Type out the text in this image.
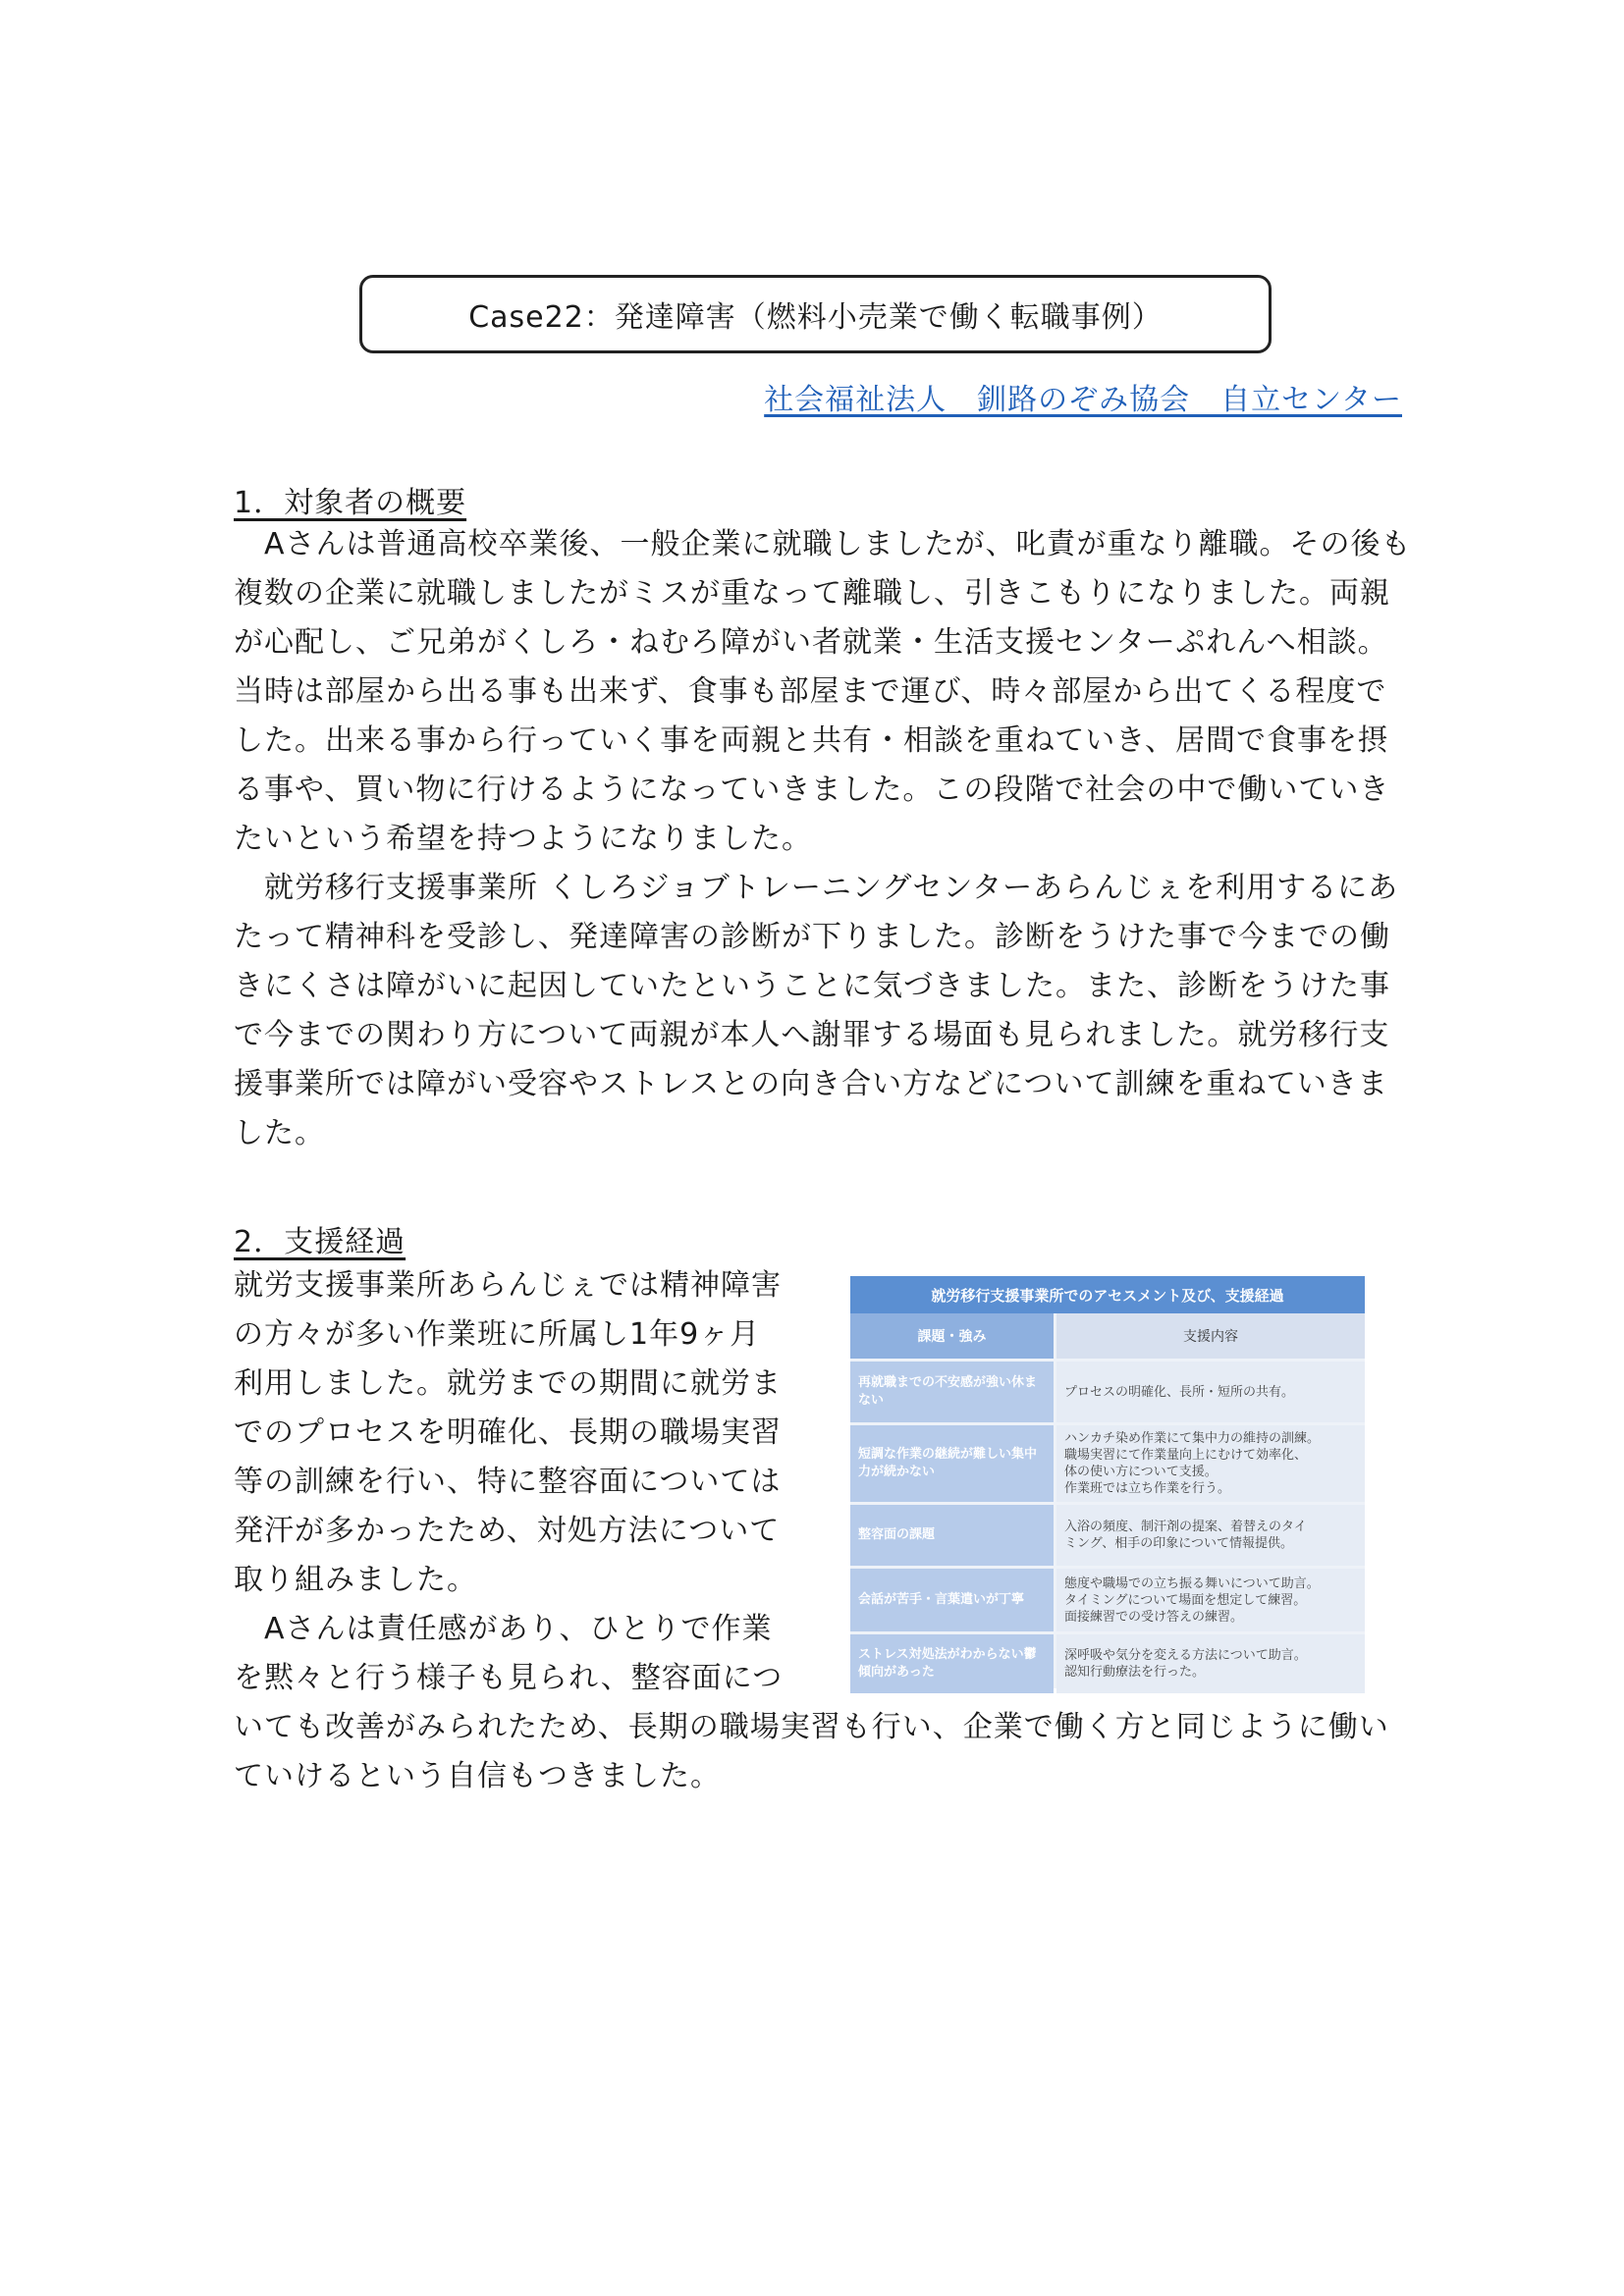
Case22：発達障害（燃料小売業で働く転職事例）
社会福祉法人　釧路のぞみ協会　自立センター
1．対象者の概要
　Aさんは普通高校卒業後、一般企業に就職しましたが、叱責が重なり離職。その後も
複数の企業に就職しましたがミスが重なって離職し、引きこもりになりました。両親
が心配し、ご兄弟がくしろ・ねむろ障がい者就業・生活支援センターぷれんへ相談。
当時は部屋から出る事も出来ず、食事も部屋まで運び、時々部屋から出てくる程度で
した。出来る事から行っていく事を両親と共有・相談を重ねていき、居間で食事を摂
る事や、買い物に行けるようになっていきました。この段階で社会の中で働いていき
たいという希望を持つようになりました。
　就労移行支援事業所 くしろジョブトレーニングセンターあらんじぇを利用するにあ
たって精神科を受診し、発達障害の診断が下りました。診断をうけた事で今までの働
きにくさは障がいに起因していたということに気づきました。また、診断をうけた事
で今までの関わり方について両親が本人へ謝罪する場面も見られました。就労移行支
援事業所では障がい受容やストレスとの向き合い方などについて訓練を重ねていきま
した。
2．支援経過
就労支援事業所あらんじぇでは精神障害
の方々が多い作業班に所属し1年9ヶ月
利用しました。就労までの期間に就労ま
でのプロセスを明確化、長期の職場実習
等の訓練を行い、特に整容面については
発汗が多かったため、対処方法について
取り組みました。
　Aさんは責任感があり、ひとりで作業
を黙々と行う様子も見られ、整容面につ
いても改善がみられたため、長期の職場実習も行い、企業で働く方と同じように働い
ていけるという自信もつきました。
就労移行支援事業所でのアセスメント及び、支援経過
課題・強み	支援内容
再就職までの不安感が強い休まない
プロセスの明確化、長所・短所の共有。
短調な作業の継続が難しい集中力が続かない
ハンカチ染め作業にて集中力の維持の訓練。
職場実習にて作業量向上にむけて効率化、
体の使い方について支援。
作業班では立ち作業を行う。
整容面の課題
入浴の頻度、制汗剤の提案、着替えのタイ
ミング、相手の印象について情報提供。
会話が苦手・言葉遣いが丁寧
態度や職場での立ち振る舞いについて助言。
タイミングについて場面を想定して練習。
面接練習での受け答えの練習。
ストレス対処法がわからない鬱傾向があった
深呼吸や気分を変える方法について助言。
認知行動療法を行った。
